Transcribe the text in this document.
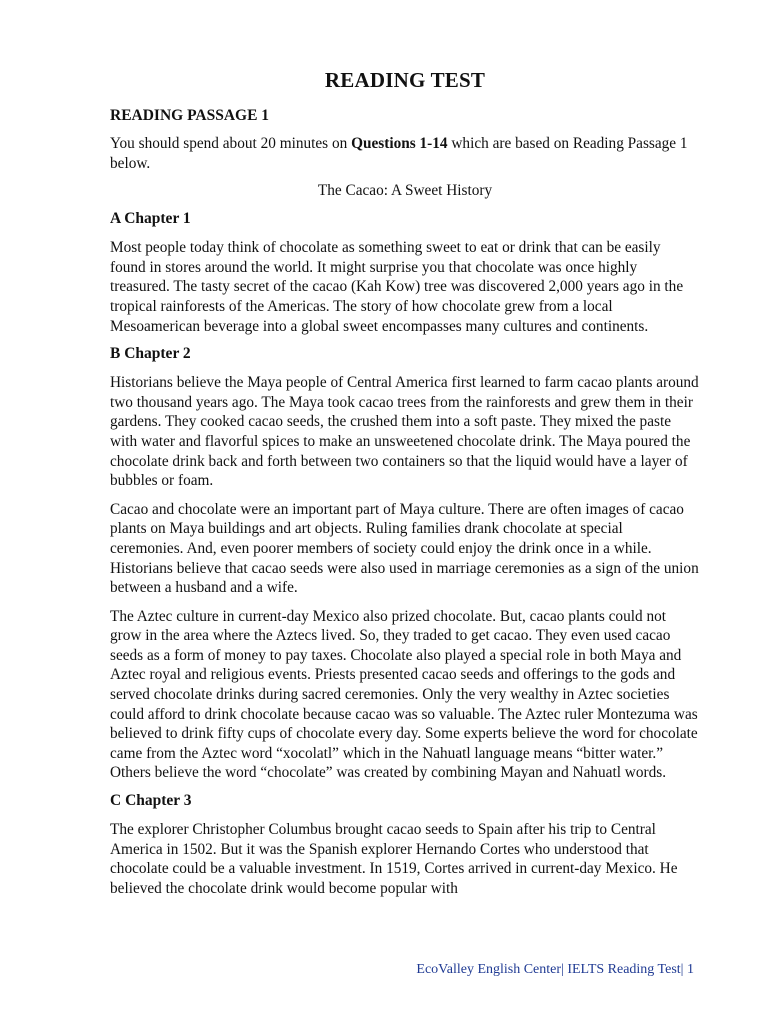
READING TEST
READING PASSAGE 1

You should spend about 20 minutes on Questions 1-14 which are based on Reading Passage 1 below.

The Cacao: A Sweet History
A Chapter 1

Most people today think of chocolate as something sweet to eat or drink that can be easily found in stores around the world. It might surprise you that chocolate was once highly treasured. The tasty secret of the cacao (Kah Kow) tree was discovered 2,000 years ago in the tropical rainforests of the Americas. The story of how chocolate grew from a local Mesoamerican beverage into a global sweet encompasses many cultures and continents.

B Chapter 2

Historians believe the Maya people of Central America first learned to farm cacao plants around two thousand years ago. The Maya took cacao trees from the rainforests and grew them in their gardens. They cooked cacao seeds, the crushed them into a soft paste. They mixed the paste with water and flavorful spices to make an unsweetened chocolate drink. The Maya poured the chocolate drink back and forth between two containers so that the liquid would have a layer of bubbles or foam.

Cacao and chocolate were an important part of Maya culture. There are often images of cacao plants on Maya buildings and art objects. Ruling families drank chocolate at special ceremonies. And, even poorer members of society could enjoy the drink once in a while. Historians believe that cacao seeds were also used in marriage ceremonies as a sign of the union between a husband and a wife.

The Aztec culture in current-day Mexico also prized chocolate. But, cacao plants could not grow in the area where the Aztecs lived. So, they traded to get cacao. They even used cacao seeds as a form of money to pay taxes. Chocolate also played a special role in both Maya and Aztec royal and religious events. Priests presented cacao seeds and offerings to the gods and served chocolate drinks during sacred ceremonies. Only the very wealthy in Aztec societies could afford to drink chocolate because cacao was so valuable. The Aztec ruler Montezuma was believed to drink fifty cups of chocolate every day. Some experts believe the word for chocolate came from the Aztec word “xocolatl” which in the Nahuatl language means “bitter water.” Others believe the word “chocolate” was created by combining Mayan and Nahuatl words.

C Chapter 3

The explorer Christopher Columbus brought cacao seeds to Spain after his trip to Central America in 1502. But it was the Spanish explorer Hernando Cortes who understood that chocolate could be a valuable investment. In 1519, Cortes arrived in current-day Mexico. He believed the chocolate drink would become popular with

EcoValley English Center| IELTS Reading Test| 1
